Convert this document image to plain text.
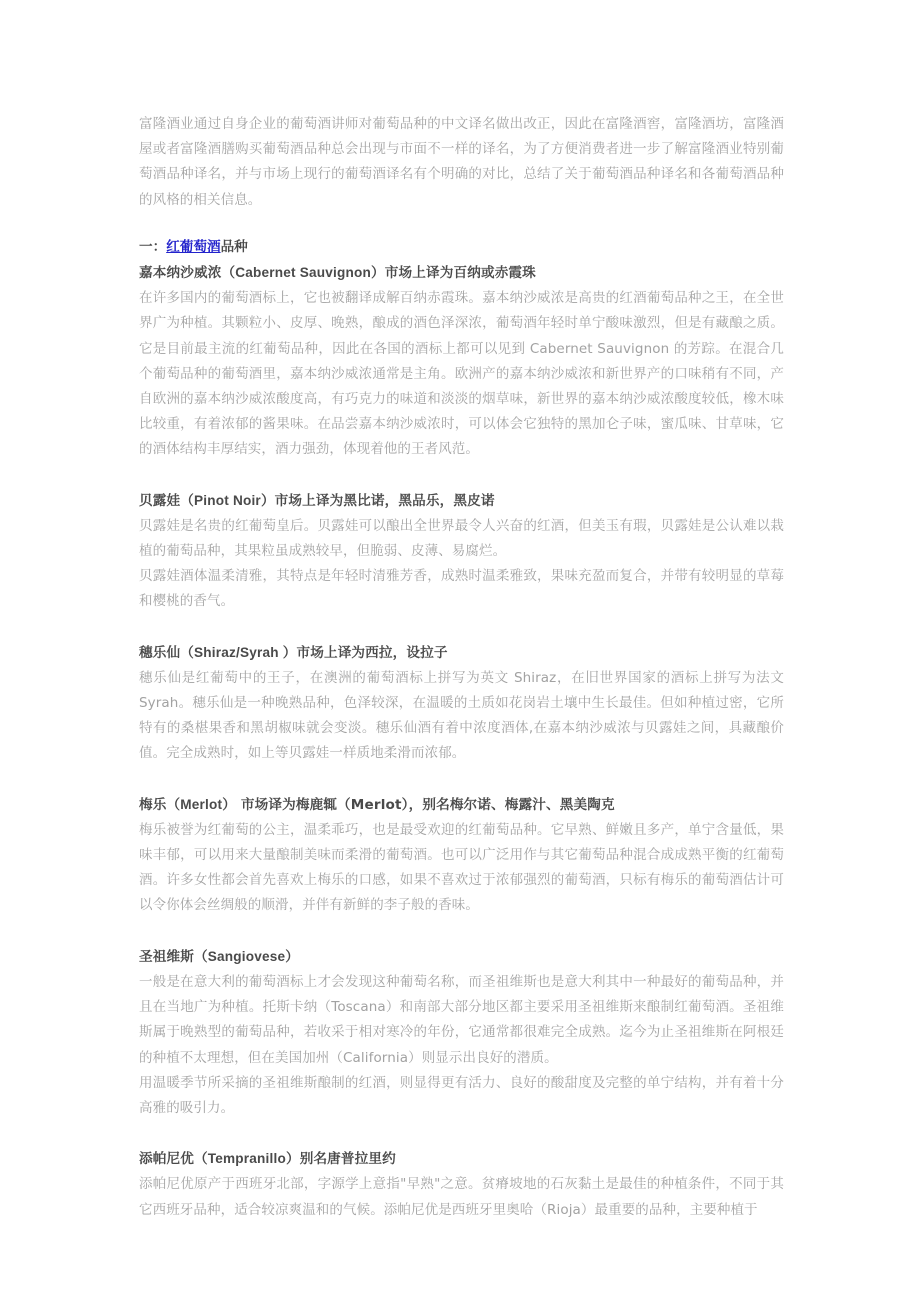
富隆酒业通过自身企业的葡萄酒讲师对葡萄品种的中文译名做出改正，因此在富隆酒窖，富隆酒坊，富隆酒屋或者富隆酒膳购买葡萄酒品种总会出现与市面不一样的译名，为了方便消费者进一步了解富隆酒业特别葡萄酒品种译名，并与市场上现行的葡萄酒译名有个明确的对比，总结了关于葡萄酒品种译名和各葡萄酒品种的风格的相关信息。

一：红葡萄酒品种
嘉本纳沙威浓（Cabernet Sauvignon）市场上译为百纳或赤霞珠

在许多国内的葡萄酒标上，它也被翻译成解百纳赤霞珠。嘉本纳沙威浓是高贵的红酒葡萄品种之王，在全世界广为种植。其颗粒小、皮厚、晚熟，酿成的酒色泽深浓，葡萄酒年轻时单宁酸味激烈，但是有藏酿之质。它是目前最主流的红葡萄品种，因此在各国的酒标上都可以见到 Cabernet Sauvignon 的芳踪。在混合几个葡萄品种的葡萄酒里，嘉本纳沙威浓通常是主角。欧洲产的嘉本纳沙威浓和新世界产的口味稍有不同，产自欧洲的嘉本纳沙威浓酸度高，有巧克力的味道和淡淡的烟草味，新世界的嘉本纳沙威浓酸度较低，橡木味比较重，有着浓郁的酱果味。在品尝嘉本纳沙威浓时，可以体会它独特的黑加仑子味，蜜瓜味、甘草味，它的酒体结构丰厚结实，酒力强劲，体现着他的王者风范。

贝露娃（Pinot Noir）市场上译为黑比诺，黑品乐，黑皮诺

贝露娃是名贵的红葡萄皇后。贝露娃可以酿出全世界最令人兴奋的红酒，但美玉有瑕，贝露娃是公认难以栽植的葡萄品种，其果粒虽成熟较早，但脆弱、皮薄、易腐烂。

贝露娃酒体温柔清雅，其特点是年轻时清雅芳香，成熟时温柔雅致，果味充盈而复合，并带有较明显的草莓和樱桃的香气。

穗乐仙（Shiraz/Syrah ）市场上译为西拉，设拉子

穗乐仙是红葡萄中的王子，在澳洲的葡萄酒标上拼写为英文 Shiraz，在旧世界国家的酒标上拼写为法文 Syrah。穗乐仙是一种晚熟品种，色泽较深，在温暖的土质如花岗岩土壤中生长最佳。但如种植过密，它所特有的桑椹果香和黑胡椒味就会变淡。穗乐仙酒有着中浓度酒体,在嘉本纳沙威浓与贝露娃之间，具藏酿价值。完全成熟时，如上等贝露娃一样质地柔滑而浓郁。

梅乐（Merlot） 市场译为梅鹿辄（Merlot），别名梅尔诺、梅露汁、黑美陶克

梅乐被誉为红葡萄的公主，温柔乖巧，也是最受欢迎的红葡萄品种。它早熟、鲜嫩且多产，单宁含量低，果味丰郁，可以用来大量酿制美味而柔滑的葡萄酒。也可以广泛用作与其它葡萄品种混合成成熟平衡的红葡萄酒。许多女性都会首先喜欢上梅乐的口感，如果不喜欢过于浓郁强烈的葡萄酒，只标有梅乐的葡萄酒估计可以令你体会丝绸般的顺滑，并伴有新鲜的李子般的香味。

圣祖维斯（Sangiovese）

一般是在意大利的葡萄酒标上才会发现这种葡萄名称，而圣祖维斯也是意大利其中一种最好的葡萄品种，并且在当地广为种植。托斯卡纳（Toscana）和南部大部分地区都主要采用圣祖维斯来酿制红葡萄酒。圣祖维斯属于晚熟型的葡萄品种，若收采于相对寒冷的年份，它通常都很难完全成熟。迄今为止圣祖维斯在阿根廷的种植不太理想，但在美国加州（California）则显示出良好的潜质。

用温暖季节所采摘的圣祖维斯酿制的红酒，则显得更有活力、良好的酸甜度及完整的单宁结构，并有着十分高雅的吸引力。

添帕尼优（Tempranillo）别名唐普拉里约

添帕尼优原产于西班牙北部，字源学上意指"早熟"之意。贫瘠坡地的石灰黏土是最佳的种植条件，不同于其它西班牙品种，适合较凉爽温和的气候。添帕尼优是西班牙里奥哈（Rioja）最重要的品种，主要种植于
